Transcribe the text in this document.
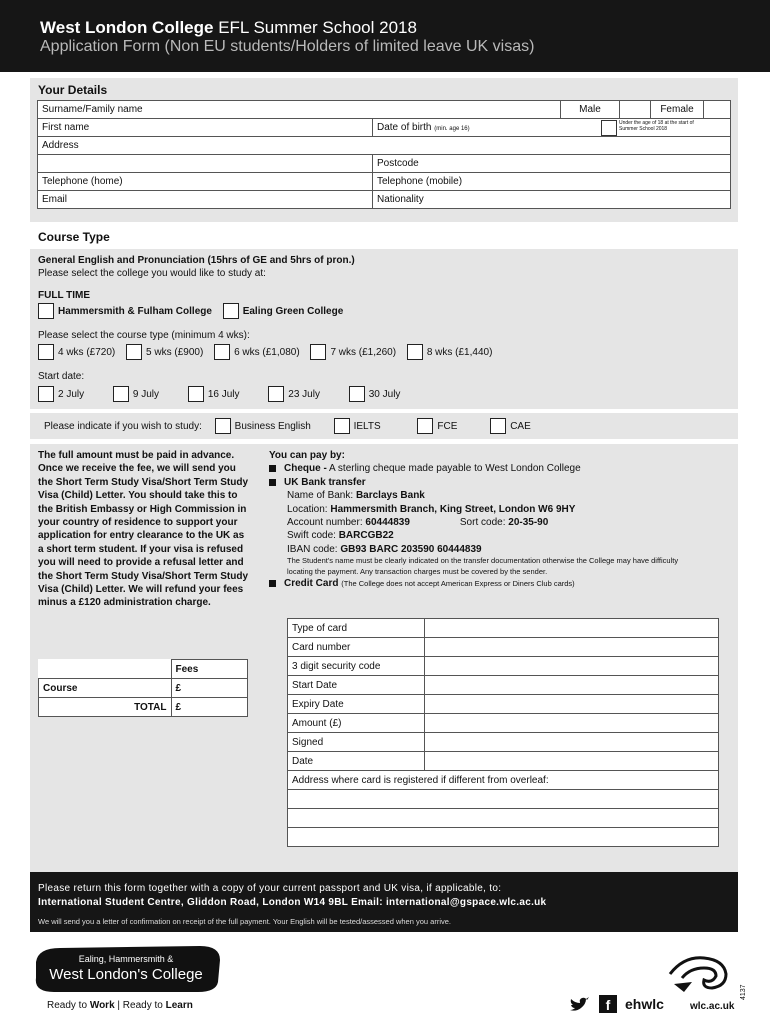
West London College EFL Summer School 2018
Application Form (Non EU students/Holders of limited leave UK visas)
Your Details
Surname/Family name		Male		Female	
First name	Date of birth (min. age 16)
Under the age of 18 at the start of Summer School 2018				

Address					
	Postcode				
Telephone (home)	Telephone (mobile)				
Email	Nationality				
Course Type
General English and Pronunciation (15hrs of GE and 5hrs of pron.)
Please select the college you would like to study at:
FULL TIME
Hammersmith & Fulham College	Ealing Green College
Please select the course type (minimum 4 wks):
4 wks (£720)	5 wks (£900)	6 wks (£1,080)	7 wks (£1,260)	8 wks (£1,440)
Start date:
2 July	9 July	16 July	23 July	30 July
Please indicate if you wish to study:	Business English	IELTS	FCE	CAE
The full amount must be paid in advance. Once we receive the fee, we will send you the Short Term Study Visa/Short Term Study Visa (Child) Letter. You should take this to the British Embassy or High Commission in your country of residence to support your application for entry clearance to the UK as a short term student. If your visa is refused you will need to provide a refusal letter and the Short Term Study Visa/Short Term Study Visa (Child) Letter. We will refund your fees minus a £120 administration charge.
	Fees
Course	£
TOTAL	£
You can pay by:
Cheque - A sterling cheque made payable to West London College
UK Bank transfer
Name of Bank: Barclays Bank
Location: Hammersmith Branch, King Street, London W6 9HY
Account number: 60444839	Sort code: 20-35-90
Swift code: BARCGB22
IBAN code: GB93 BARC 203590 60444839
The Student's name must be clearly indicated on the transfer documentation otherwise the College may have difficulty locating the payment. Any transaction charges must be covered by the sender.
Credit Card (The College does not accept American Express or Diners Club cards)
Type of card	
Card number	
3 digit security code	
Start Date	
Expiry Date	
Amount (£)	
Signed	
Date	
Address where card is registered if different from overleaf:	

Please return this form together with a copy of your current passport and UK visa, if applicable, to:
International Student Centre, Gliddon Road, London W14 9BL Email: international@gspace.wlc.ac.uk
We will send you a letter of confirmation on receipt of the full payment. Your English will be tested/assessed when you arrive.
Ealing, Hammersmith &
West London's College
Ready to Work | Ready to Learn	f	ehwlc	wlc.ac.uk
4137
